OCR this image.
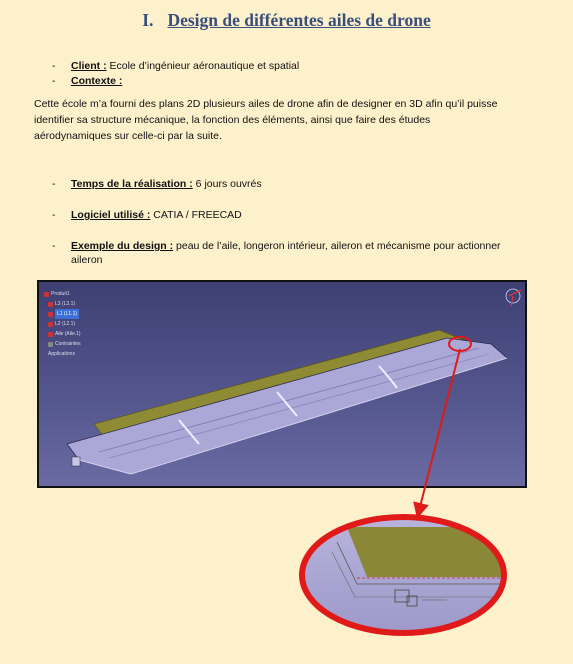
I. Design de différentes ailes de drone
- Client : Ecole d’ingénieur aéronautique et spatial
- Contexte :
Cette école m’a fourni des plans 2D plusieurs ailes de drone afin de designer en 3D afin qu’il puisse identifier sa structure mécanique, la fonction des éléments, ainsi que faire des études aérodynamiques sur celle-ci par la suite.
- Temps de la réalisation : 6 jours ouvrés
- Logiciel utilisé : CATIA / FREECAD
- Exemple du design : peau de l’aile, longeron intérieur, aileron et mécanisme pour actionner aileron
Produit1
L3 (L3.1)
L1 (L1.1)
L2 (L2.1)
Aile (Aile.1)
Contraintes
Applications
